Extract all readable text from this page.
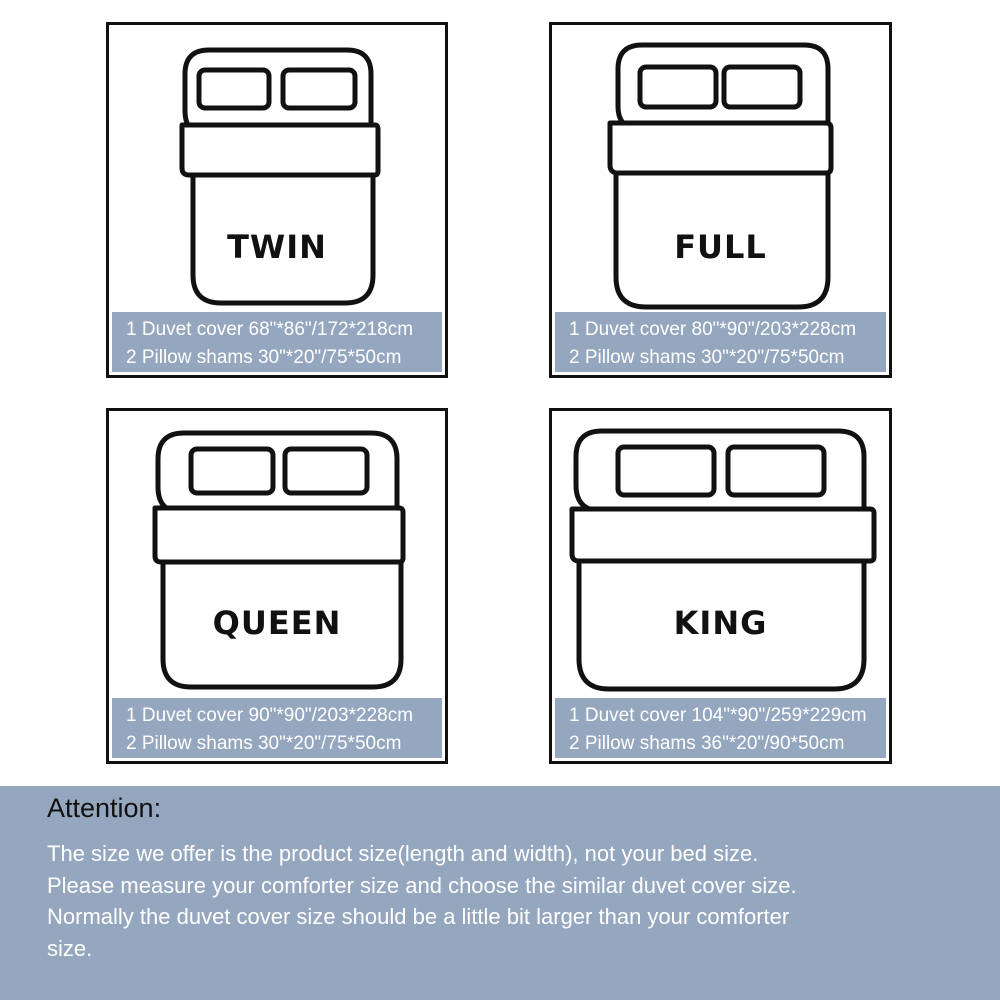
TWIN
1 Duvet cover 68"*86"/172*218cm
2 Pillow shams 30"*20"/75*50cm
FULL
1 Duvet cover 80"*90"/203*228cm
2 Pillow shams 30"*20"/75*50cm
QUEEN
1 Duvet cover 90"*90"/203*228cm
2 Pillow shams 30"*20"/75*50cm
KING
1 Duvet cover 104"*90"/259*229cm
2 Pillow shams 36"*20"/90*50cm
Attention:
The size we offer is the product size(length and width), not your bed size.
Please measure your comforter size and choose the similar duvet cover size.
Normally the duvet cover size should be a little bit larger than your comforter
size.
